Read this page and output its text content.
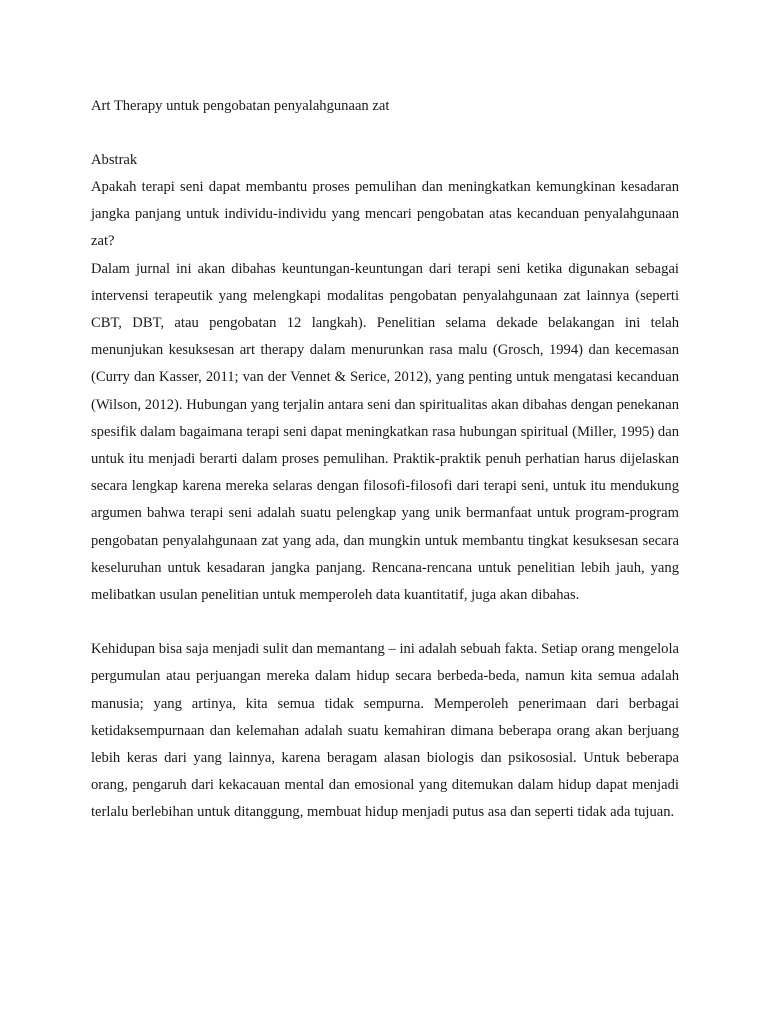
Art Therapy untuk pengobatan penyalahgunaan zat

Abstrak

Apakah terapi seni dapat membantu proses pemulihan dan meningkatkan kemungkinan kesadaran jangka panjang untuk individu-individu yang mencari pengobatan atas kecanduan penyalahgunaan zat?

Dalam jurnal ini akan dibahas keuntungan-keuntungan dari terapi seni ketika digunakan sebagai intervensi terapeutik yang melengkapi modalitas pengobatan penyalahgunaan zat lainnya (seperti CBT, DBT, atau pengobatan 12 langkah). Penelitian selama dekade belakangan ini telah menunjukan kesuksesan art therapy dalam menurunkan rasa malu (Grosch, 1994) dan kecemasan (Curry dan Kasser, 2011; van der Vennet & Serice, 2012), yang penting untuk mengatasi kecanduan (Wilson, 2012). Hubungan yang terjalin antara seni dan spiritualitas akan dibahas dengan penekanan spesifik dalam bagaimana terapi seni dapat meningkatkan rasa hubungan spiritual (Miller, 1995) dan untuk itu menjadi berarti dalam proses pemulihan. Praktik-praktik penuh perhatian harus dijelaskan secara lengkap karena mereka selaras dengan filosofi-filosofi dari terapi seni, untuk itu mendukung argumen bahwa terapi seni adalah suatu pelengkap yang unik bermanfaat untuk program-program pengobatan penyalahgunaan zat yang ada, dan mungkin untuk membantu tingkat kesuksesan secara keseluruhan untuk kesadaran jangka panjang. Rencana-rencana untuk penelitian lebih jauh, yang melibatkan usulan penelitian untuk memperoleh data kuantitatif, juga akan dibahas.

Kehidupan bisa saja menjadi sulit dan memantang – ini adalah sebuah fakta. Setiap orang mengelola pergumulan atau perjuangan mereka dalam hidup secara berbeda-beda, namun kita semua adalah manusia; yang artinya, kita semua tidak sempurna. Memperoleh penerimaan dari berbagai ketidaksempurnaan dan kelemahan adalah suatu kemahiran dimana beberapa orang akan berjuang lebih keras dari yang lainnya, karena beragam alasan biologis dan psikososial. Untuk beberapa orang, pengaruh dari kekacauan mental dan emosional yang ditemukan dalam hidup dapat menjadi terlalu berlebihan untuk ditanggung, membuat hidup menjadi putus asa dan seperti tidak ada tujuan.
